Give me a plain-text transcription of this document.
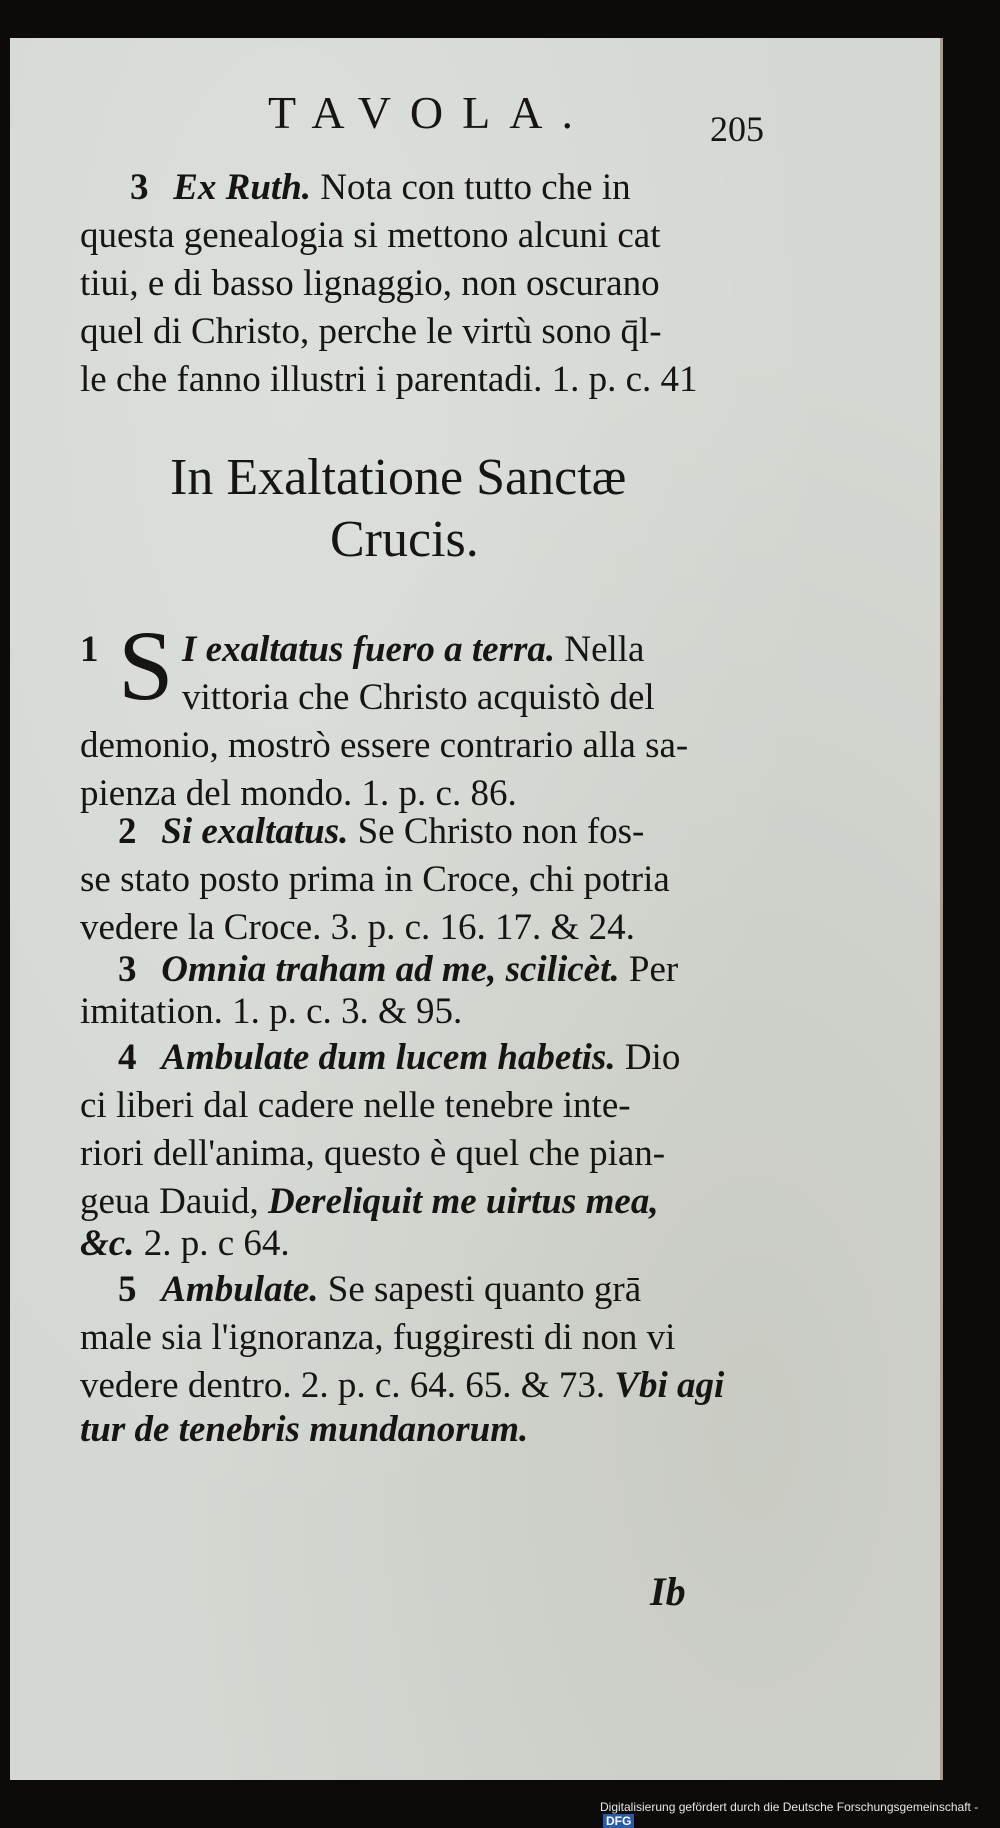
TAVOLA.	205
3 Ex Ruth. Nota con tutto che in
questa genealogia si mettono alcuni cat
tiui, e di basso lignaggio, non oscurano
quel di Christo, perche le virtù sono q̄l-
le che fanno illustri i parentadi. 1. p. c. 41
In Exaltatione Sanctæ
Crucis.
S
1	I exaltatus fuero a terra. Nella
vittoria che Christo acquistò del
demonio, mostrò essere contrario alla sa-
pienza del mondo. 1. p. c. 86.
2 Si exaltatus. Se Christo non fos-
se stato posto prima in Croce, chi potria
vedere la Croce. 3. p. c. 16. 17. & 24.
3 Omnia traham ad me, scilicèt. Per
imitation. 1. p. c. 3. & 95.
4 Ambulate dum lucem habetis. Dio
ci liberi dal cadere nelle tenebre inte-
riori dell'anima, questo è quel che pian-
geua Dauid, Dereliquit me uirtus mea,
&c. 2. p. c 64.
5 Ambulate. Se sapesti quanto grā
male sia l'ignoranza, fuggiresti di non vi
vedere dentro. 2. p. c. 64. 65. & 73. Vbi agi
tur de tenebris mundanorum.
Ib
Digitalisierung gefördert durch die Deutsche Forschungsgemeinschaft -DFG
